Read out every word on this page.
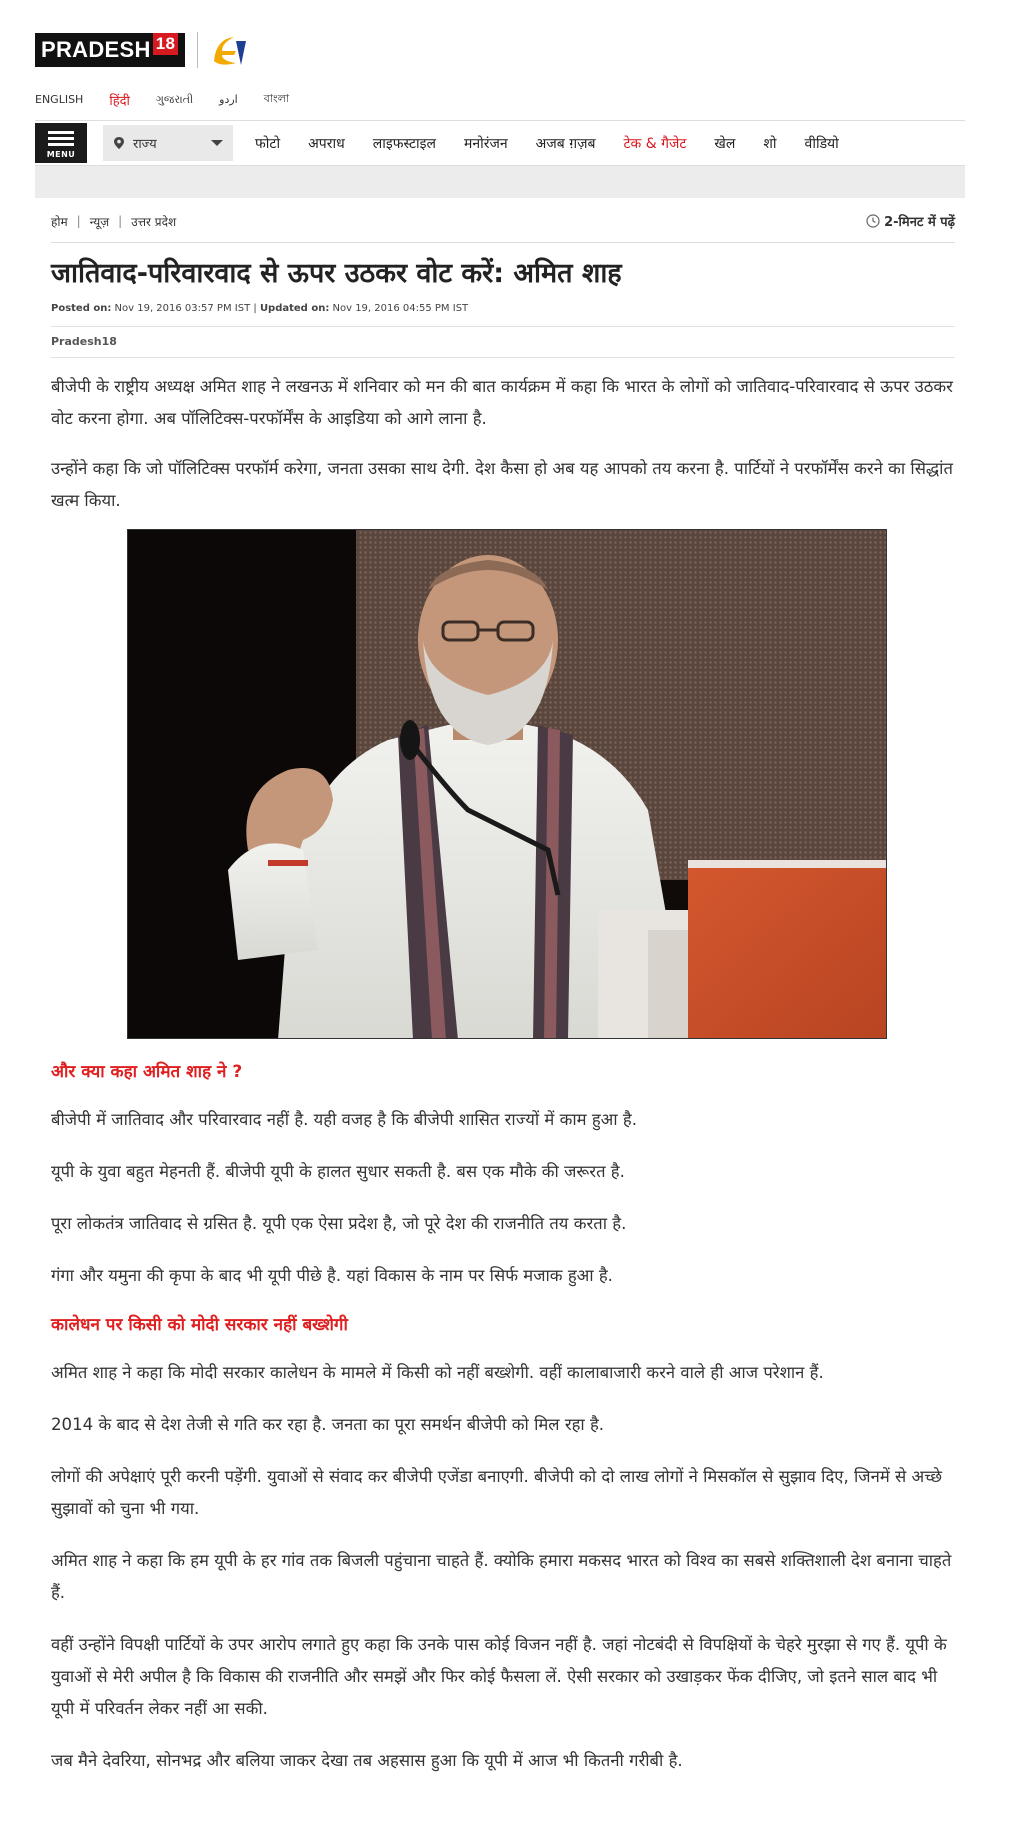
PRADESH 18
ENGLISH हिंदी ગુજરાતી اردو বাংলা
MENU
राज्य	फोटो अपराध लाइफस्टाइल मनोरंजन अजब ग़ज़ब टेक & गैजेट खेल शो वीडियो
होम | न्यूज़ | उत्तर प्रदेश	2-मिनट में पढ़ें
जातिवाद-परिवारवाद से ऊपर उठकर वोट करें: अमित शाह
Posted on: Nov 19, 2016 03:57 PM IST | Updated on: Nov 19, 2016 04:55 PM IST
Pradesh18

बीजेपी के राष्ट्रीय अध्यक्ष अमित शाह ने लखनऊ में शनिवार को मन की बात कार्यक्रम में कहा कि भारत के लोगों को जातिवाद-परिवारवाद से ऊपर उठकर वोट करना होगा. अब पॉलिटिक्स-परफॉर्मेंस के आइडिया को आगे लाना है.

उन्होंने कहा कि जो पॉलिटिक्स परफॉर्म करेगा, जनता उसका साथ देगी. देश कैसा हो अब यह आपको तय करना है. पार्टियों ने परफॉर्मेंस करने का सिद्धांत खत्म किया.

और क्या कहा अमित शाह ने ?

बीजेपी में जातिवाद और परिवारवाद नहीं है. यही वजह है कि बीजेपी शासित राज्यों में काम हुआ है.

यूपी के युवा बहुत मेहनती हैं. बीजेपी यूपी के हालत सुधार सकती है. बस एक मौके की जरूरत है.

पूरा लोकतंत्र जातिवाद से ग्रसित है. यूपी एक ऐसा प्रदेश है, जो पूरे देश की राजनीति तय करता है.

गंगा और यमुना की कृपा के बाद भी यूपी पीछे है. यहां विकास के नाम पर सिर्फ मजाक हुआ है.

कालेधन पर किसी को मोदी सरकार नहीं बख्शेगी

अमित शाह ने कहा कि मोदी सरकार कालेधन के मामले में किसी को नहीं बख्शेगी. वहीं कालाबाजारी करने वाले ही आज परेशान हैं.

2014 के बाद से देश तेजी से गति कर रहा है. जनता का पूरा समर्थन बीजेपी को मिल रहा है.

लोगों की अपेक्षाएं पूरी करनी पड़ेंगी. युवाओं से संवाद कर बीजेपी एजेंडा बनाएगी. बीजेपी को दो लाख लोगों ने मिसकॉल से सुझाव दिए, जिनमें से अच्छे सुझावों को चुना भी गया.

अमित शाह ने कहा कि हम यूपी के हर गांव तक बिजली पहुंचाना चाहते हैं. क्योकि हमारा मकसद भारत को विश्व का सबसे शक्तिशाली देश बनाना चाहते हैं.

वहीं उन्होंने विपक्षी पार्टियों के उपर आरोप लगाते हुए कहा कि उनके पास कोई विजन नहीं है. जहां नोटबंदी से विपक्षियों के चेहरे मुरझा से गए हैं. यूपी के युवाओं से मेरी अपील है कि विकास की राजनीति और समझें और फिर कोई फैसला लें. ऐसी सरकार को उखाड़कर फेंक दीजिए, जो इतने साल बाद भी यूपी में परिवर्तन लेकर नहीं आ सकी.

जब मैने देवरिया, सोनभद्र और बलिया जाकर देखा तब अहसास हुआ कि यूपी में आज भी कितनी गरीबी है.
